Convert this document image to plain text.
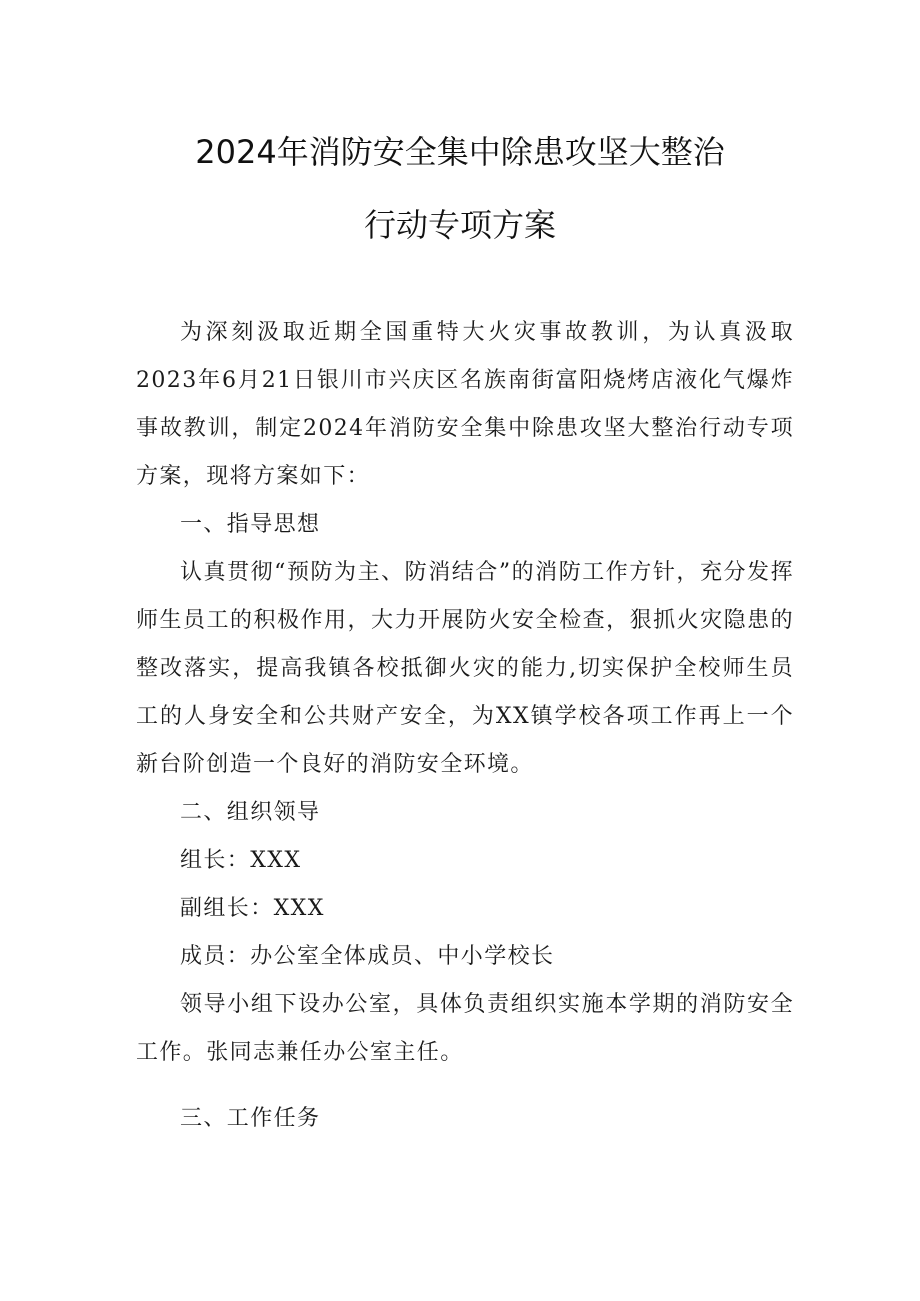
2024年消防安全集中除患攻坚大整治
行动专项方案

为深刻汲取近期全国重特大火灾事故教训，为认真汲取2023年6月21日银川市兴庆区名族南街富阳烧烤店液化气爆炸事故教训，制定2024年消防安全集中除患攻坚大整治行动专项方案，现将方案如下：

一、指导思想

认真贯彻“预防为主、防消结合”的消防工作方针，充分发挥师生员工的积极作用，大力开展防火安全检查，狠抓火灾隐患的整改落实，提高我镇各校抵御火灾的能力,切实保护全校师生员工的人身安全和公共财产安全，为XX镇学校各项工作再上一个新台阶创造一个良好的消防安全环境。

二、组织领导

组长：XXX

副组长：XXX

成员：办公室全体成员、中小学校长

领导小组下设办公室，具体负责组织实施本学期的消防安全工作。张同志兼任办公室主任。

三、工作任务
